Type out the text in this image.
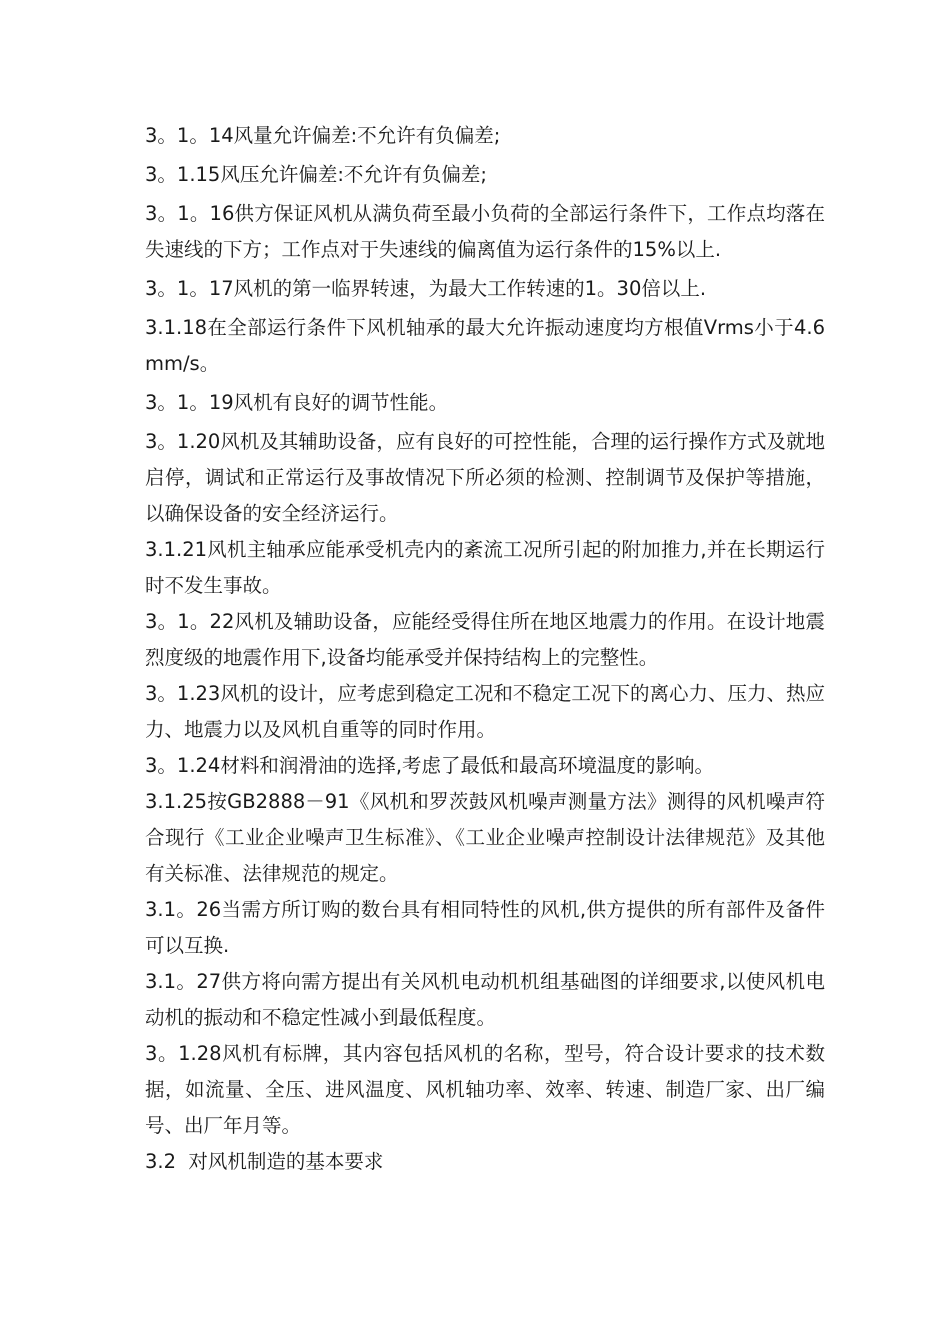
3。1。14风量允许偏差:不允许有负偏差;

3。1.15风压允许偏差:不允许有负偏差;

3。1。16供方保证风机从满负荷至最小负荷的全部运行条件下，工作点均落在失速线的下方；工作点对于失速线的偏离值为运行条件的15%以上.

3。1。17风机的第一临界转速，为最大工作转速的1。30倍以上.

3.1.18在全部运行条件下风机轴承的最大允许振动速度均方根值Vrms小于4.6mm/s。

3。1。19风机有良好的调节性能。

3。1.20风机及其辅助设备，应有良好的可控性能，合理的运行操作方式及就地启停，调试和正常运行及事故情况下所必须的检测、控制调节及保护等措施，以确保设备的安全经济运行。

3.1.21风机主轴承应能承受机壳内的紊流工况所引起的附加推力,并在长期运行时不发生事故。

3。1。22风机及辅助设备，应能经受得住所在地区地震力的作用。在设计地震烈度级的地震作用下,设备均能承受并保持结构上的完整性。

3。1.23风机的设计，应考虑到稳定工况和不稳定工况下的离心力、压力、热应力、地震力以及风机自重等的同时作用。

3。1.24材料和润滑油的选择,考虑了最低和最高环境温度的影响。

3.1.25按GB2888－91《风机和罗茨鼓风机噪声测量方法》测得的风机噪声符合现行《工业企业噪声卫生标准》、《工业企业噪声控制设计法律规范》及其他有关标准、法律规范的规定。

3.1。26当需方所订购的数台具有相同特性的风机,供方提供的所有部件及备件可以互换.

3.1。27供方将向需方提出有关风机电动机机组基础图的详细要求,以使风机电动机的振动和不稳定性减小到最低程度。

3。1.28风机有标牌，其内容包括风机的名称，型号，符合设计要求的技术数据，如流量、全压、进风温度、风机轴功率、效率、转速、制造厂家、出厂编号、出厂年月等。

3.2  对风机制造的基本要求
